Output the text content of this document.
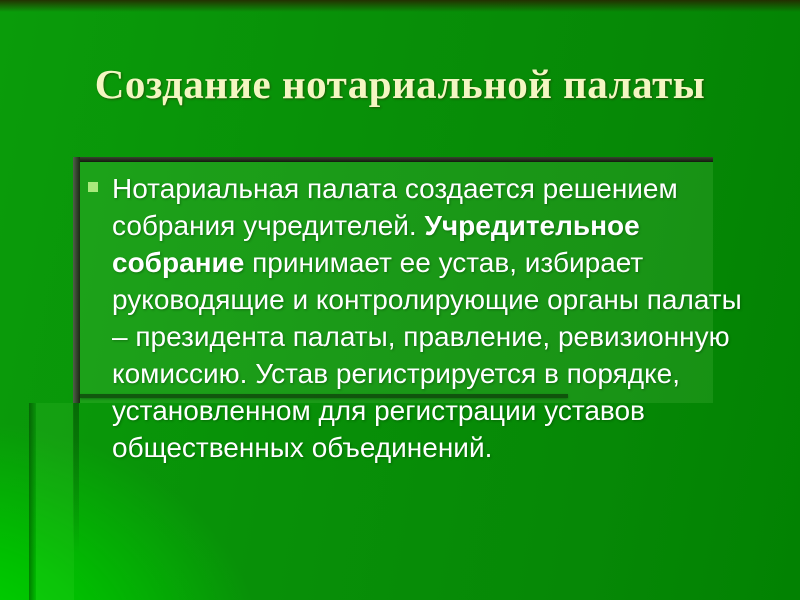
Создание нотариальной палаты
Нотариальная палата создается решением собрания учредителей. Учредительное собрание принимает ее устав, избирает руководящие и контролирующие органы палаты – президента палаты, правление, ревизионную комиссию. Устав регистрируется в порядке, установленном для регистрации уставов общественных объединений.
